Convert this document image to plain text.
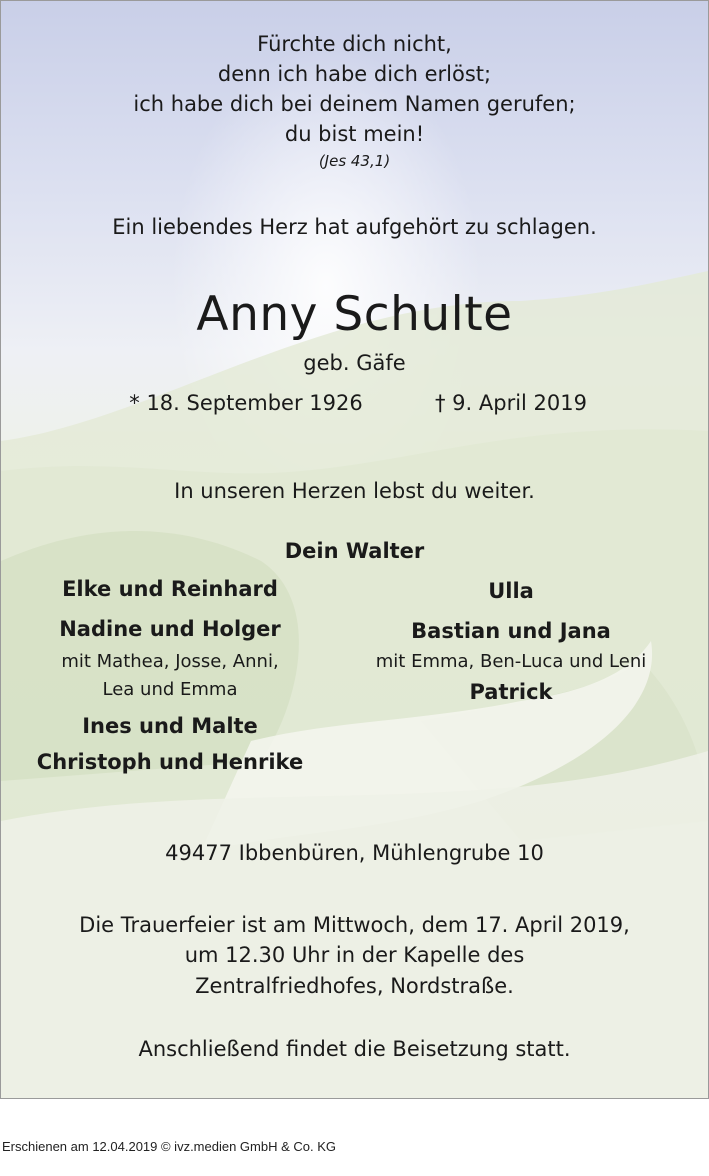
Fürchte dich nicht,
denn ich habe dich erlöst;
ich habe dich bei deinem Namen gerufen;
du bist mein!
(Jes 43,1)
Ein liebendes Herz hat aufgehört zu schlagen.
Anny Schulte
geb. Gäfe
* 18. September 1926	† 9. April 2019
In unseren Herzen lebst du weiter.
Dein Walter
Elke und Reinhard
Nadine und Holger
mit Mathea, Josse, Anni,
Lea und Emma
Ines und Malte
Christoph und Henrike
Ulla
Bastian und Jana
mit Emma, Ben-Luca und Leni
Patrick
49477 Ibbenbüren, Mühlengrube 10
Die Trauerfeier ist am Mittwoch, dem 17. April 2019,
um 12.30 Uhr in der Kapelle des
Zentralfriedhofes, Nordstraße.
Anschließend findet die Beisetzung statt.
Erschienen am 12.04.2019 © ivz.medien GmbH & Co. KG
